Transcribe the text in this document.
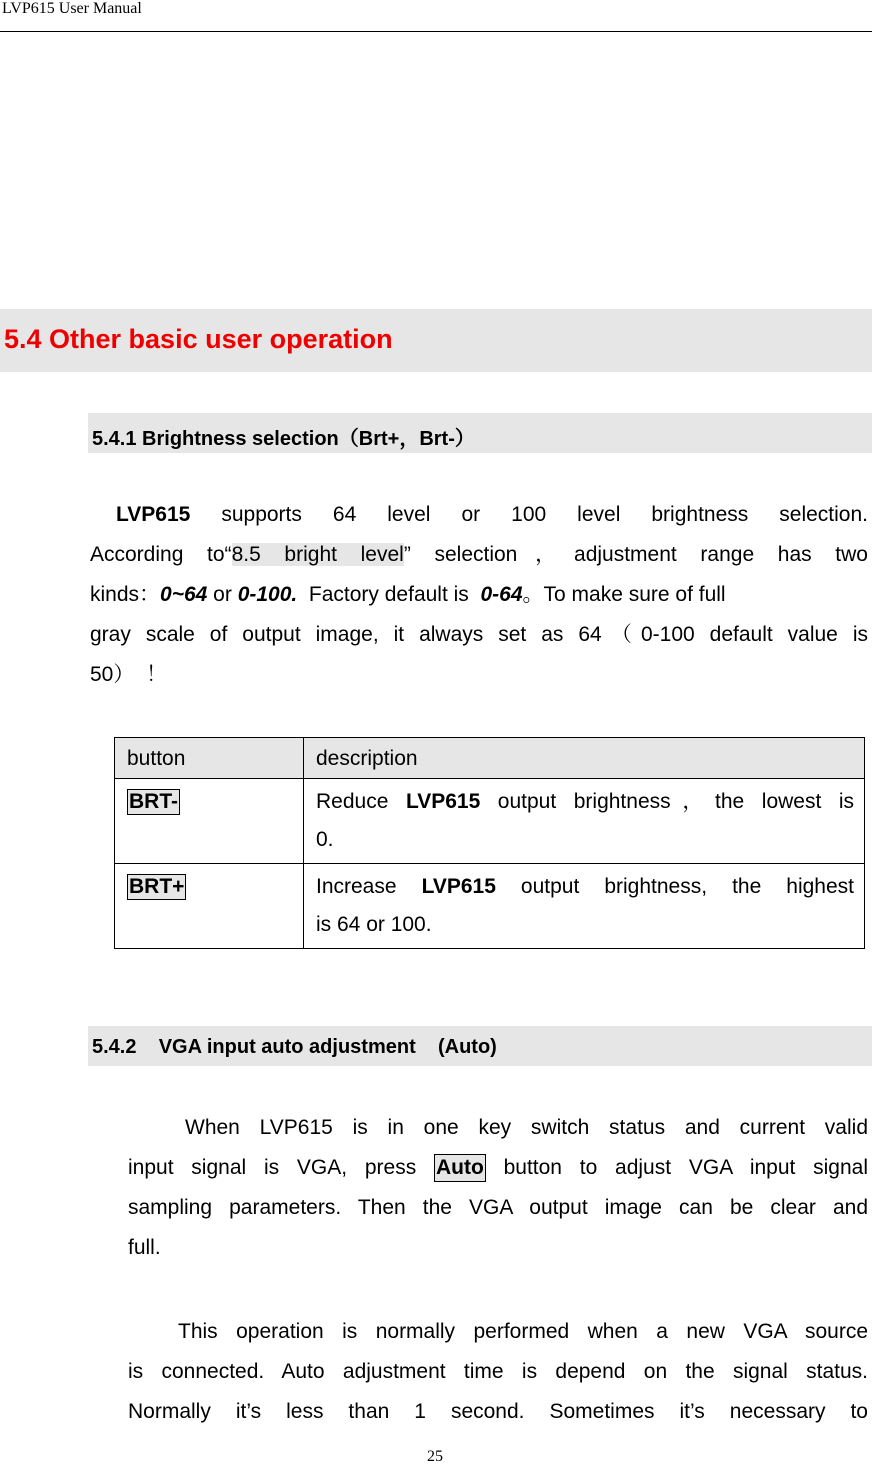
LVP615 User Manual
5.4 Other basic user operation
5.4.1 Brightness selection（Brt+，Brt-）
LVP615 supports 64 level or 100 level brightness selection.
According to“8.5 bright level” selection，adjustment range has two
kinds：0~64 or 0-100.  Factory default is  0-64。To make sure of full
gray scale of output image, it always set as 64（0-100 default value is
50）  ！
button	description
BRT-	Reduce LVP615 output brightness，the lowest is
0.

BRT+	Increase LVP615 output brightness, the highest
is 64 or 100.
5.4.2    VGA input auto adjustment    (Auto)
When LVP615 is in one key switch status and current valid
input signal is VGA, press Auto button to adjust VGA input signal
sampling parameters. Then the VGA output image can be clear and
full.
This operation is normally performed when a new VGA source
is connected. Auto adjustment time is depend on the signal status.
Normally it’s less than 1 second. Sometimes it’s necessary to
25
